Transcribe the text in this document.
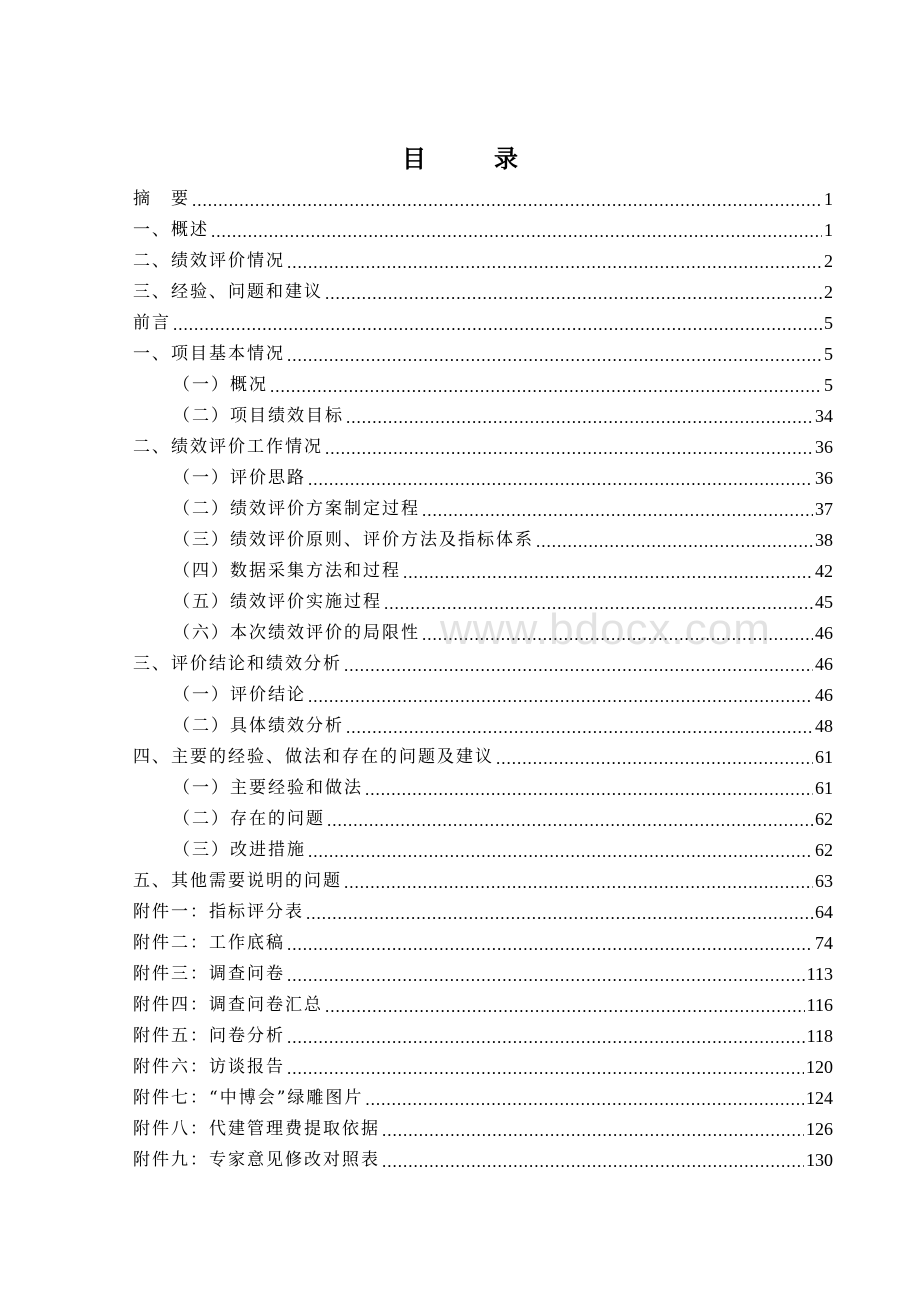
目　录
摘　要 .....	1
一、概述 .....	1
二、绩效评价情况 .....	2
三、经验、问题和建议 .....	2
前言 .....	5
一、项目基本情况 .....	5
（一）概况 .....	5
（二）项目绩效目标 .....	34
二、绩效评价工作情况 .....	36
（一）评价思路 .....	36
（二）绩效评价方案制定过程 .....	37
（三）绩效评价原则、评价方法及指标体系 .....	38
（四）数据采集方法和过程 .....	42
（五）绩效评价实施过程 .....	45
（六）本次绩效评价的局限性 .....	46
三、评价结论和绩效分析 .....	46
（一）评价结论 .....	46
（二）具体绩效分析 .....	48
四、主要的经验、做法和存在的问题及建议 .....	61
（一）主要经验和做法 .....	61
（二）存在的问题 .....	62
（三）改进措施 .....	62
五、其他需要说明的问题 .....	63
附件一：指标评分表 .....	64
附件二：工作底稿 .....	74
附件三：调查问卷 .....	113
附件四：调查问卷汇总 .....	116
附件五：问卷分析 .....	118
附件六：访谈报告 .....	120
附件七：“中博会”绿雕图片 .....	124
附件八：代建管理费提取依据 .....	126
附件九：专家意见修改对照表 .....	130
www.bdocx.com
